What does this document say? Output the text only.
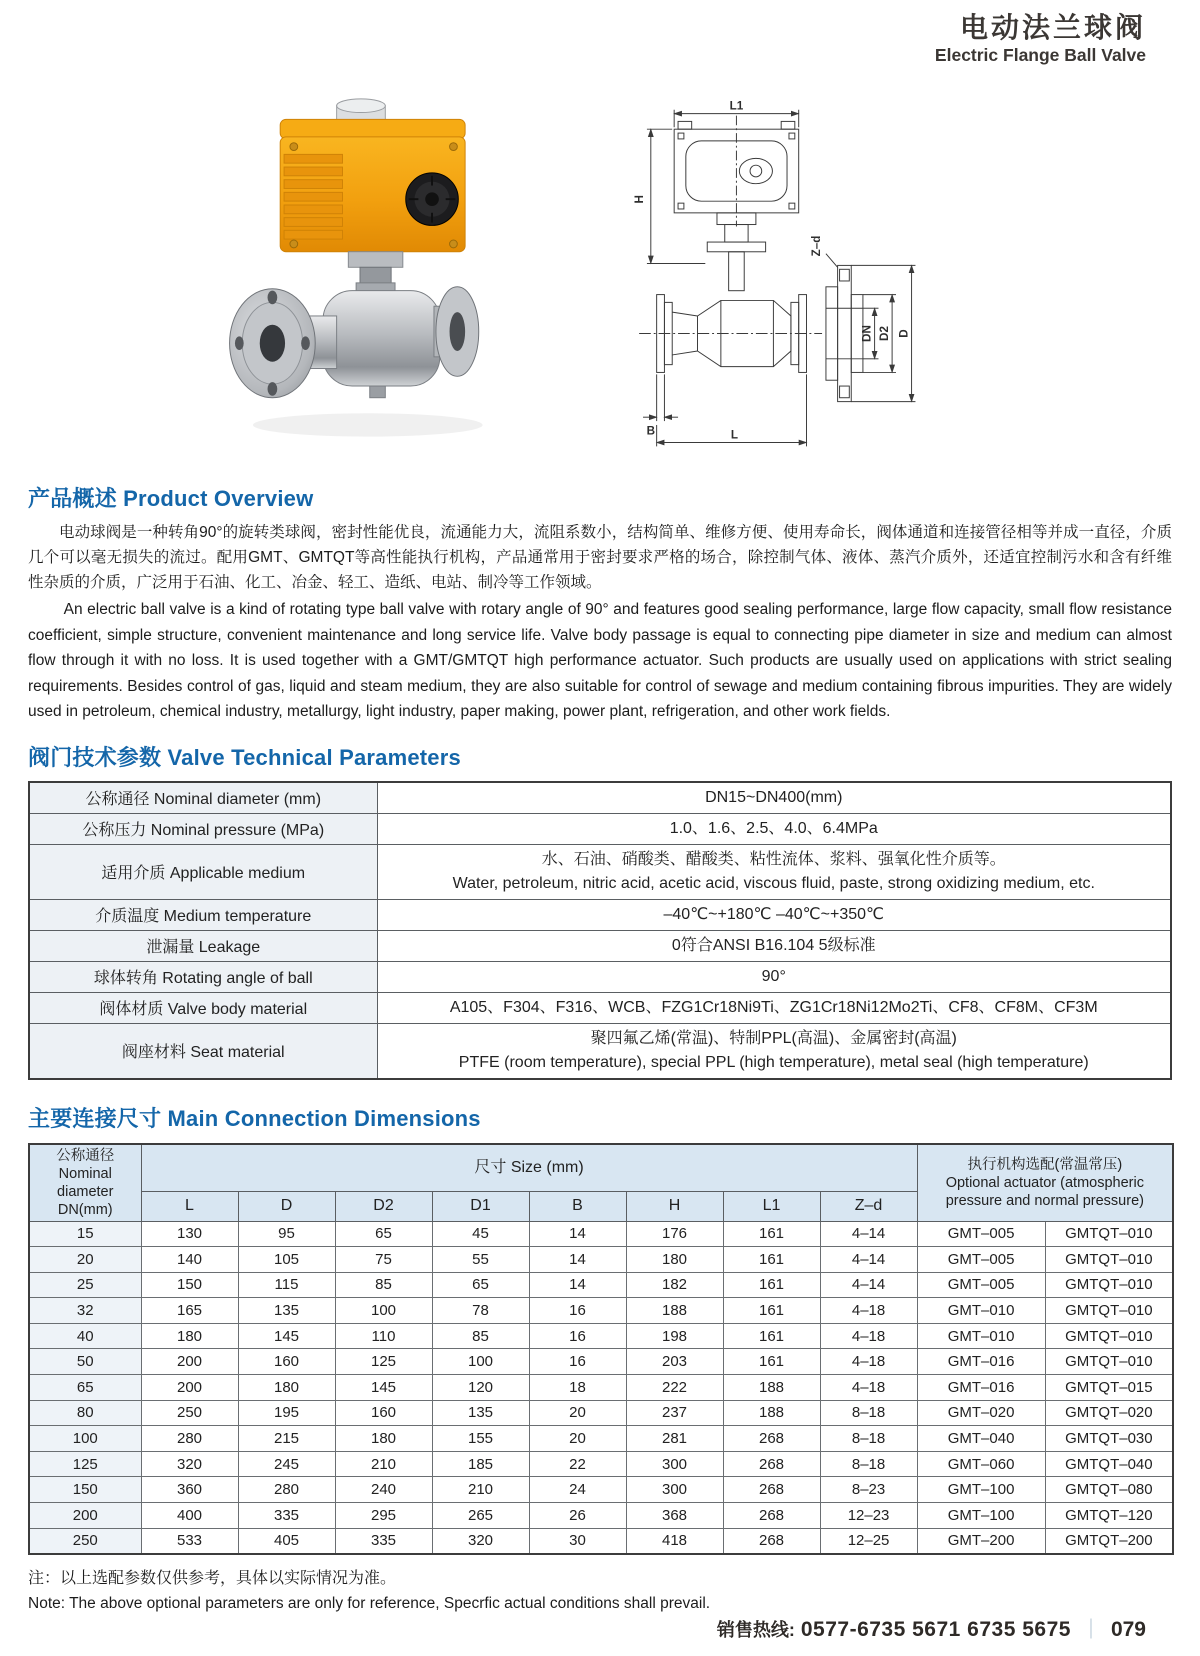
电动法兰球阀
Electric Flange Ball Valve
L1
H
Z–d
DN D2 D
B	L
产品概述 Product Overview

电动球阀是一种转角90°的旋转类球阀，密封性能优良，流通能力大，流阻系数小，结构简单、维修方便、使用寿命长，阀体通道和连接管径相等并成一直径，介质几个可以毫无损失的流过。配用GMT、GMTQT等高性能执行机构，产品通常用于密封要求严格的场合，除控制气体、液体、蒸汽介质外，还适宜控制污水和含有纤维性杂质的介质，广泛用于石油、化工、冶金、轻工、造纸、电站、制冷等工作领域。

An electric ball valve is a kind of rotating type ball valve with rotary angle of 90° and features good sealing performance, large flow capacity, small flow resistance coefficient, simple structure, convenient maintenance and long service life. Valve body passage is equal to connecting pipe diameter in size and medium can almost flow through it with no loss. It is used together with a GMT/GMTQT high performance actuator. Such products are usually used on applications with strict sealing requirements. Besides control of gas, liquid and steam medium, they are also suitable for control of sewage and medium containing fibrous impurities. They are widely used in petroleum, chemical industry, metallurgy, light industry, paper making, power plant, refrigeration, and other work fields.

阀门技术参数 Valve Technical Parameters
公称通径 Nominal diameter (mm)	DN15~DN400(mm)

公称压力 Nominal pressure (MPa)	1.0、1.6、2.5、4.0、6.4MPa

适用介质 Applicable medium	水、石油、硝酸类、醋酸类、粘性流体、浆料、强氧化性介质等。
Water, petroleum, nitric acid, acetic acid, viscous fluid, paste, strong oxidizing medium, etc.

介质温度 Medium temperature	–40℃~+180℃ –40℃~+350℃

泄漏量 Leakage	0符合ANSI B16.104 5级标准

球体转角 Rotating angle of ball	90°

阀体材质 Valve body material	A105、F304、F316、WCB、FZG1Cr18Ni9Ti、ZG1Cr18Ni12Mo2Ti、CF8、CF8M、CF3M

阀座材料 Seat material	聚四氟乙烯(常温)、特制PPL(高温)、金属密封(高温)
PTFE (room temperature), special PPL (high temperature), metal seal (high temperature)
主要连接尺寸 Main Connection Dimensions
公称通径
Nominal diameter
DN(mm)
	尺寸 Size (mm)	执行机构选配(常温常压)
Optional actuator (atmospheric pressure and normal pressure)

	L	D	D2	D1	B	H	L1	Z–d		
15	130	95	65	45	14	176	161	4–14	GMT–005	GMTQT–010
20	140	105	75	55	14	180	161	4–14	GMT–005	GMTQT–010
25	150	115	85	65	14	182	161	4–14	GMT–005	GMTQT–010
32	165	135	100	78	16	188	161	4–18	GMT–010	GMTQT–010
40	180	145	110	85	16	198	161	4–18	GMT–010	GMTQT–010
50	200	160	125	100	16	203	161	4–18	GMT–016	GMTQT–010
65	200	180	145	120	18	222	188	4–18	GMT–016	GMTQT–015
80	250	195	160	135	20	237	188	8–18	GMT–020	GMTQT–020
100	280	215	180	155	20	281	268	8–18	GMT–040	GMTQT–030
125	320	245	210	185	22	300	268	8–18	GMT–060	GMTQT–040
150	360	280	240	210	24	300	268	8–23	GMT–100	GMTQT–080
200	400	335	295	265	26	368	268	12–23	GMT–100	GMTQT–120
250	533	405	335	320	30	418	268	12–25	GMT–200	GMTQT–200

注：以上选配参数仅供参考，具体以实际情况为准。

Note: The above optional parameters are only for reference, Specrfic actual conditions shall prevail.

销售热线: 0577-6735 5671 6735 5675 ｜ 079
